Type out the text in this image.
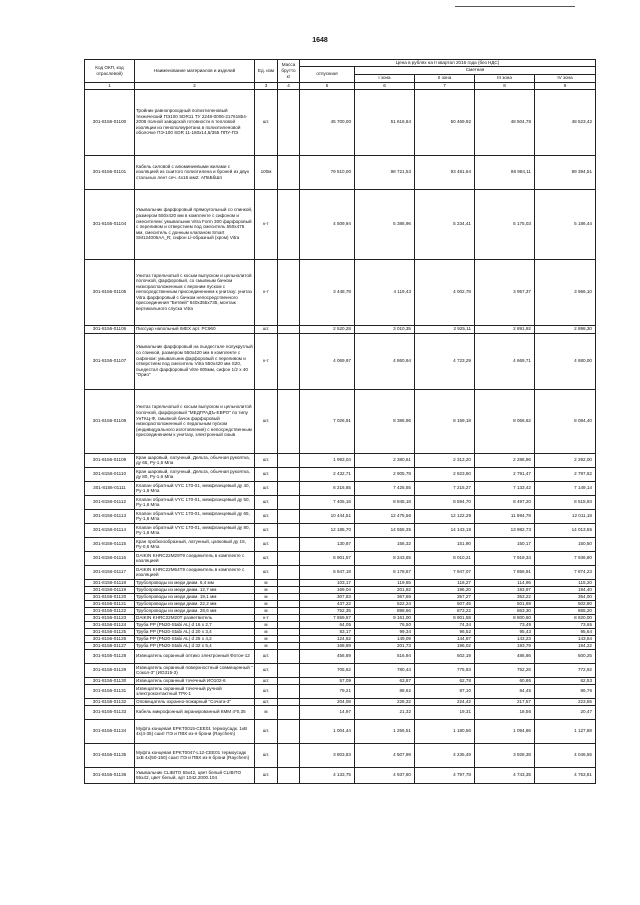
1648
Код ОКП, код отраслевой)	Наименование материалов и изделий	Ед. изм	Масса брутто кг	Цена в рублях на II квартал 2016 года (без НДС)				
				отпускная	Сметная			
					I зона	II зона	III зона	IV зона
1	2	3	4	5	6	7	8	9
301-8156-01100	Тройник равнопроходный полиэтиленовый технический ПЭ100 SDR11 ТУ 2248-0006-21761854-2008 полной заводской готовности в тепловой изоляции из пенополиуретана в полиэтиленовой оболочке ПЭ-100 SDR 11-180х14,6/355 ППУ-ПЭ	шт.		45 700,00	51 616,84	50 469,92	48 504,78	48 523,42
301-8156-01101	Кабель силовой с алюминиевыми жилами с изоляцией из сшитого полиэтилена и броней из двух стальных лент сеч. 4х16 мм2: АПвБбШп	100м		79 510,00	98 721,53	93 481,64	86 984,11	89 394,51
301-8156-01104	Умывальник фарфоровый прямоугольный со спинкой, размером 550х420 мм в комплекте с сифоном и смесителем: умывальник Vitra Form 300 фарфоровый с переливом и отверстием под смеситель 550х475 мм, смеситель с донным клапаном Smart SM124006AA_R; сифон Ll-образный (хром) Vitra	к-т		4 509,94	5 386,96	5 234,41	5 175,03	5 186,44
301-8156-01105	Унитаз тарельчатый с косым выпуском и цельнолитой полочкой, фарфоровый, со смывным бачком низкорасположенным с верхним пуском с непосредственным присоединением к унитазу: унитаз Vitra фарфоровый с бачком непосредственного присоединения "Бетвей" 640х355х735, монтаж вертикального спуска Vitra	к-т		3 448,78	4 119,43	4 002,78	3 957,37	3 966,10
301-8156-01106	Писсуар напольный IMEX арт. РС960	шт.		2 520,28	3 010,35	2 925,11	2 891,92	2 898,30
301-8156-01107	Умывальник фарфоровый на пьедестале полукруглый со спинкой, размером 550х420 мм в комплекте с сифоном: умывальник фарфоровый с переливом и отверстием под смеситель Vitra 550х420 мм S20, пьедестал фарфоровый Vitre 805мм, сифон 1/2 х 40 "Орио"	к-т		4 069,97	4 860,94	4 723,29	4 669,71	4 680,00
301-8156-01108	Унитаз тарельчатый с косым выпуском и цельнолитой полочкой, фарфоровый "МЕДГРАДЪ-ЕВРО" по типу УнТКЦ-Ф, смывной бачок фарфоровый низкорасположенный с педальным пуском (индивидуального изготовления) с непосредственным присоединением к унитазу, электронный смыв	шт.		7 026,91	8 386,96	8 159,18	8 066,62	8 084,40
301-8156-01109	Кран шаровый, латунный, Дельта, обычная рукоятка, ду 65, Ру-1,6 Мпа	шт.		1 993,04	2 380,61	2 313,20	2 286,96	2 292,00
301-8156-01110	Кран шаровый, латунный, Дельта, обычная рукоятка, ду 80, Ру-1,6 Мпа	шт.		2 432,71	2 905,78	2 823,50	2 791,47	2 797,62
301-8156-01111	Клапан обратный VYC 170-01, межфланцевый ду 40, Ру-1,6 Мпа	шт.		6 216,65	7 425,55	7 215,27	7 133,42	7 149,14
301-8156-01112	Клапан обратный VYC 170-01, межфланцевый ду 50, Ру-1,6 Мпа	шт.		7 405,16	8 845,18	8 594,70	8 497,20	8 515,93
301-8156-01113	Клапан обратный VYC 170-01, межфланцевый ду 65, Ру-1,6 Мпа	шт.		10 444,51	12 475,56	12 122,29	11 984,78	12 011,18
301-8156-01114	Клапан обратный VYC 170-01, межфланцевый ду 80, Ру-1,6 Мпа	шт.		12 185,70	14 555,35	14 143,18	13 982,73	14 013,55
301-8156-01115	Кран пробкоообразный, латунный, цапковый ду 15, Ру-0,6 Мпа	шт.		130,87	156,32	151,90	150,17	150,50
301-8156-01116	DAIKIN KHRC22M29T9 соединитель в комплекте с изоляцией	шт.		6 901,57	8 243,65	8 010,21	7 919,34	7 936,80
301-8156-01117	DAIKIN KHRC22M64T9 соединитель в комплекте с изоляцией	шт.		6 847,18	8 178,67	7 947,07	7 856,91	7 874,23
301-8156-01118	Трубопроводы из меди диам. 6,4 мм	м		103,17	119,65	116,27	114,95	115,20
301-8156-01119	Трубопроводы из меди диам. 12,7 мм	м		169,04	201,92	196,20	193,97	194,40
301-8156-01120	Трубопроводы из меди диам. 19,1 мм	м		307,83	367,69	357,27	353,22	354,00
301-8156-01121	Трубопроводы из меди диам. 22,2 мм	м		437,22	522,24	507,45	501,69	502,80
301-8156-01122	Трубопроводы из меди диам. 28,6 мм	м		752,35	898,66	873,22	863,30	865,20
301-8156-01123	DAIKIN KHRC22M20T разветвитель	к-т		7 659,57	9 161,00	8 901,58	8 800,60	8 820,00
301-8156-01124	Труба PP (PN20-Stabi AL) d 16 х 2,7	м		64,05	76,50	74,34	73,49	73,65
301-8156-01125	Труба PP (PN20-Stabi AL) d 20 х 3,4	м		83,17	99,34	96,52	95,43	95,64
301-8156-01126	Труба PP (PN20-Stabi AL) d 25 х 4,2	м		124,62	149,09	144,87	143,23	143,54
301-8156-01127	Труба PP (PN20-Stabi AL) d 32 х 5,4	м		168,89	201,73	196,02	193,79	194,22
301-8156-01128	Извещатель охранный оптико электронный Фотон-12	шт.		456,69	516,94	502,19	486,86	500,25
301-8156-01129	Извещатель охранный поверхностный совмещенный " Сокол-3" (ИО315-3)	шт.		705,62	780,44	775,93	752,26	772,92
301-8156-01130	Извещатель охранный точечный ИО102-6	шт.		57,09	63,87	62,78	60,86	62,53
301-8156-01131	Извещатель охранный точечный ручной электроконтактный ТРК-1	шт.		79,21	88,62	87,10	84,45	86,76
301-8156-01132	Оповещатель охранно-пожарный "Сочата-3"	шт.		204,08	228,32	224,42	217,57	223,55
301-8156-01133	Кабель микрофонный экранированный КММ 4*0,35	м		14,97	21,32	19,31	18,56	20,47
301-8156-01134	Муфта концевая EPKT0015-CEE01 термоусадк. 1кВ 4х(4-35) сшит ПЭ и ПВХ из-я брони (Raychem)	шт.		1 004,44	1 256,51	1 180,56	1 094,86	1 127,88
301-8156-01135	Муфта концевая EPKT0047-L12-CEE01 термоусадк 1кВ 4х(50-150) сшит ПЭ и ПВХ из-я брони (Raychem)	шт.		3 803,83	4 507,99	4 235,49	3 928,38	4 046,55
301-8156-01136	Умывальник CLIBITO 55х42, цвет белый CLIBITO 55х42, цвет белый, арт 1042.2000.104	шт.		4 133,75	4 937,60	4 797,78	4 743,35	4 753,81
